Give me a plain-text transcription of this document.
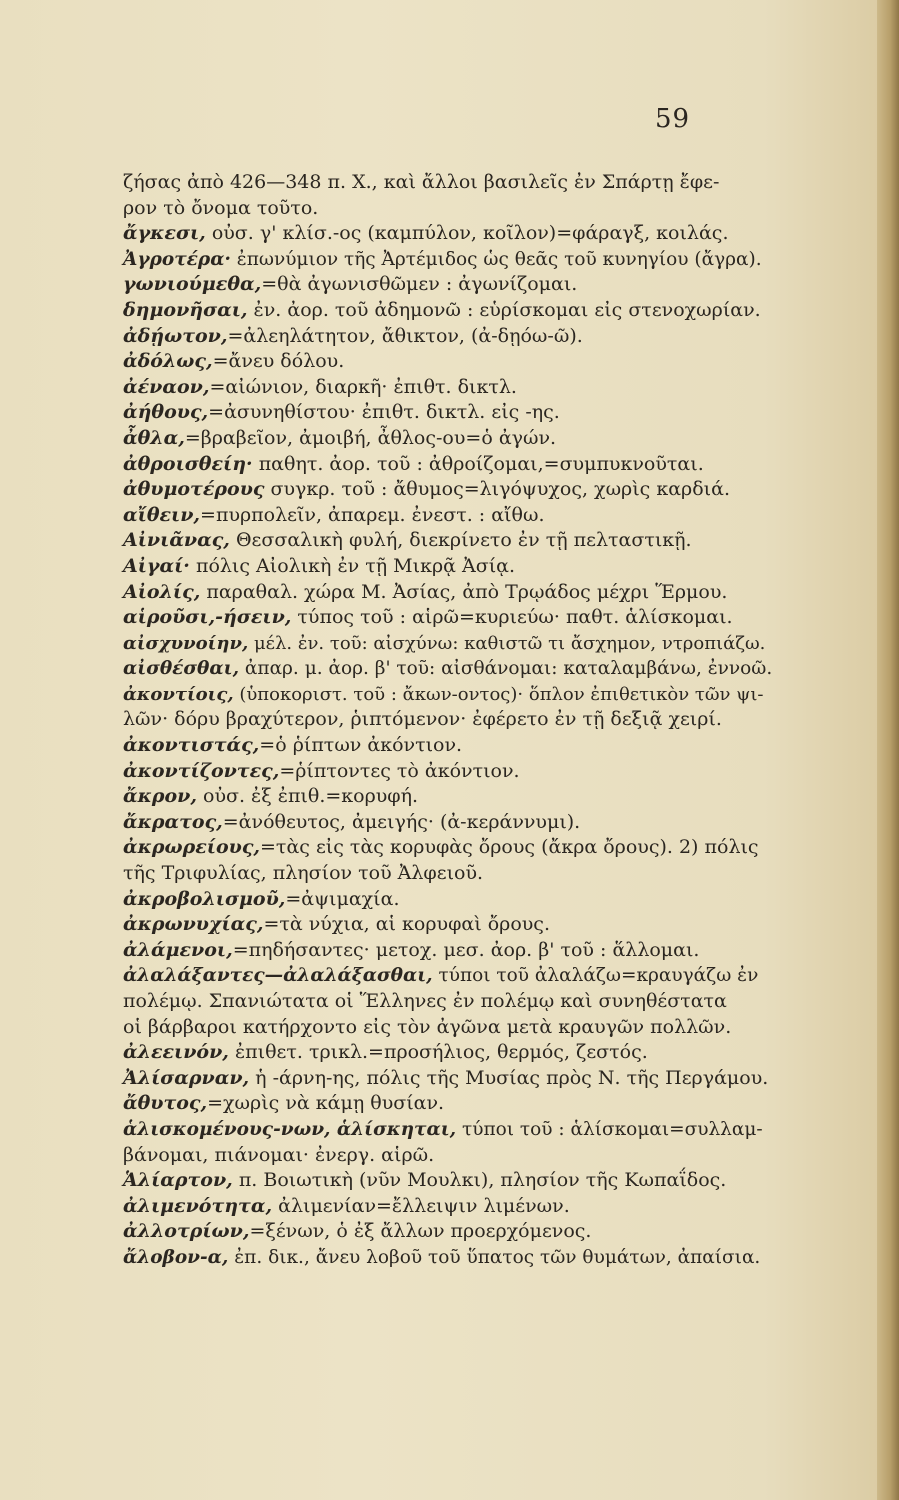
59
ζήσας ἀπὸ 426—348 π. Χ., καὶ ἄλλοι βασιλεῖς ἐν Σπάρτῃ ἔφε-
ρον τὸ ὄνομα τοῦτο.
ἄγκεσι, οὐσ. γ' κλίσ.-ος (καμπύλον, κοῖλον)=φάραγξ, κοιλάς.
Ἀγροτέρα· ἐπωνύμιον τῆς Ἀρτέμιδος ὡς θεᾶς τοῦ κυνηγίου (ἄγρα).
γωνιούμεθα,=θὰ ἀγωνισθῶμεν : ἀγωνίζομαι.
δημονῆσαι, ἐν. ἀορ. τοῦ ἀδημονῶ : εὑρίσκομαι εἰς στενοχωρίαν.
ἀδῄωτον,=ἀλεηλάτητον, ἄθικτον, (ἀ-δῃόω-ῶ).
ἀδόλως,=ἄνευ δόλου.
ἀέναον,=αἰώνιον, διαρκῆ· ἐπιθτ. δικτλ.
ἀήθους,=ἀσυνηθίστου· ἐπιθτ. δικτλ. εἰς -ης.
ἆθλα,=βραβεῖον, ἀμοιβή, ἆθλος-ου=ὁ ἀγών.
ἀθροισθείη· παθητ. ἀορ. τοῦ : ἀθροίζομαι,=συμπυκνοῦται.
ἀθυμοτέρους συγκρ. τοῦ : ἄθυμος=λιγόψυχος, χωρὶς καρδιά.
αἴθειν,=πυρπολεῖν, ἀπαρεμ. ἐνεστ. : αἴθω.
Αἰνιᾶνας, Θεσσαλικὴ φυλή, διεκρίνετο ἐν τῇ πελταστικῇ.
Αἰγαί· πόλις Αἰολικὴ ἐν τῇ Μικρᾷ Ἀσίᾳ.
Αἰολίς, παραθαλ. χώρα Μ. Ἀσίας, ἀπὸ Τρῳάδος μέχρι Ἕρμου.
αἱροῦσι,-ήσειν, τύπος τοῦ : αἱρῶ=κυριεύω· παθτ. ἁλίσκομαι.
αἰσχυνοίην, μέλ. ἐν. τοῦ: αἰσχύνω: καθιστῶ τι ἄσχημον, ντροπιάζω.
αἰσθέσθαι, ἀπαρ. μ. ἀορ. β' τοῦ: αἰσθάνομαι: καταλαμβάνω, ἐννοῶ.
ἀκοντίοις, (ὑποκοριστ. τοῦ : ἄκων-οντος)· ὅπλον ἐπιθετικὸν τῶν ψι-
λῶν· δόρυ βραχύτερον, ῥιπτόμενον· ἐφέρετο ἐν τῇ δεξιᾷ χειρί.
ἀκοντιστάς,=ὁ ῥίπτων ἀκόντιον.
ἀκοντίζοντες,=ῥίπτοντες τὸ ἀκόντιον.
ἄκρον, οὐσ. ἐξ ἐπιθ.=κορυφή.
ἄκρατος,=ἀνόθευτος, ἀμειγής· (ἀ-κεράννυμι).
ἀκρωρείους,=τὰς εἰς τὰς κορυφὰς ὄρους (ἄκρα ὄρους). 2) πόλις
τῆς Τριφυλίας, πλησίον τοῦ Ἀλφειοῦ.
ἀκροβολισμοῦ,=ἀψιμαχία.
ἀκρωνυχίας,=τὰ νύχια, αἱ κορυφαὶ ὄρους.
ἀλάμενοι,=πηδήσαντες· μετοχ. μεσ. ἀορ. β' τοῦ : ἅλλομαι.
ἀλαλάξαντες—ἀλαλάξασθαι, τύποι τοῦ ἀλαλάζω=κραυγάζω ἐν
πολέμῳ. Σπανιώτατα οἱ Ἕλληνες ἐν πολέμῳ καὶ συνηθέστατα
οἱ βάρβαροι κατήρχοντο εἰς τὸν ἀγῶνα μετὰ κραυγῶν πολλῶν.
ἀλεεινόν, ἐπιθετ. τρικλ.=προσήλιος, θερμός, ζεστός.
Ἀλίσαρναν, ἡ -άρνη-ης, πόλις τῆς Μυσίας πρὸς Ν. τῆς Περγάμου.
ἄθυτος,=χωρὶς νὰ κάμῃ θυσίαν.
ἁλισκομένους-νων, ἁλίσκηται, τύποι τοῦ : ἁλίσκομαι=συλλαμ-
βάνομαι, πιάνομαι· ἐνεργ. αἱρῶ.
Ἁλίαρτον, π. Βοιωτικὴ (νῦν Μουλκι), πλησίον τῆς Κωπαΐδος.
ἀλιμενότητα, ἀλιμενίαν=ἔλλειψιν λιμένων.
ἀλλοτρίων,=ξένων, ὁ ἐξ ἄλλων προερχόμενος.
ἄλοβον-α, ἐπ. δικ., ἄνευ λοβοῦ τοῦ ὕπατος τῶν θυμάτων, ἀπαίσια.
